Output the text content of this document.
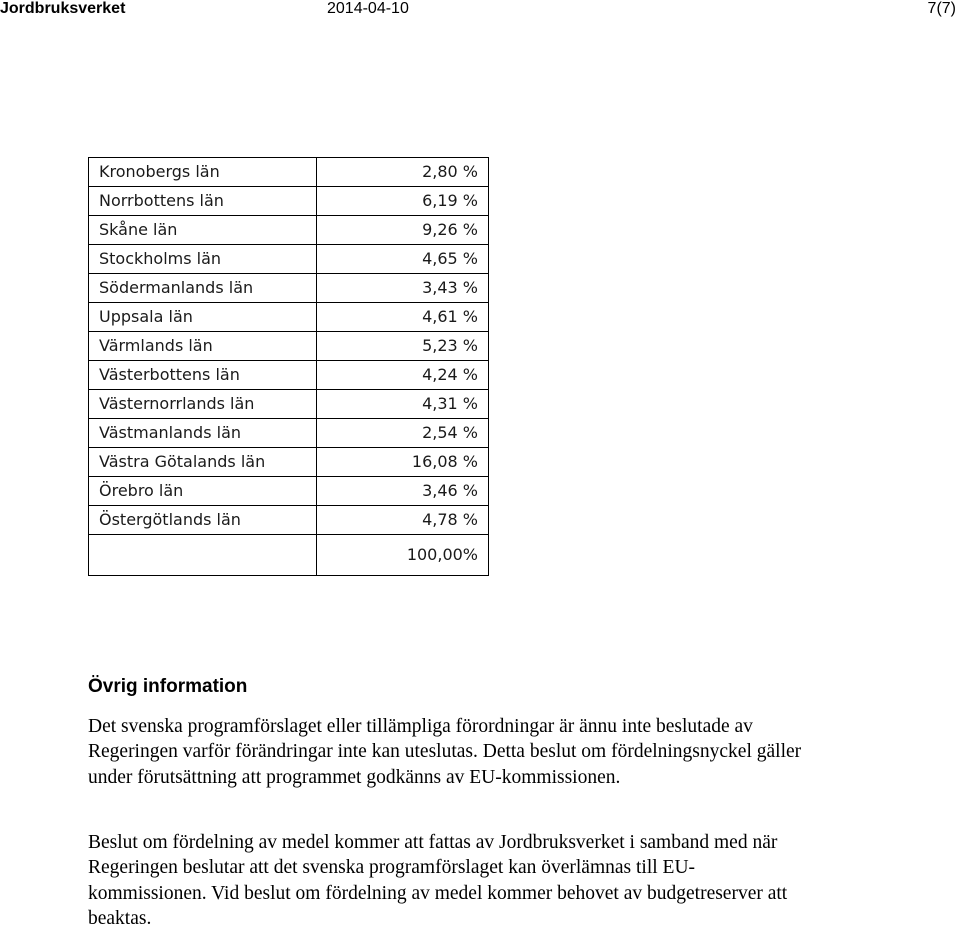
Jordbruksverket	2014-04-10	7(7)
Kronobergs län	2,80 %
Norrbottens län	6,19 %
Skåne län	9,26 %
Stockholms län	4,65 %
Södermanlands län	3,43 %
Uppsala län	4,61 %
Värmlands län	5,23 %
Västerbottens län	4,24 %
Västernorrlands län	4,31 %
Västmanlands län	2,54 %
Västra Götalands län	16,08 %
Örebro län	3,46 %
Östergötlands län	4,78 %
	100,00%
Övrig information

Det svenska programförslaget eller tillämpliga förordningar är ännu inte beslutade av Regeringen varför förändringar inte kan uteslutas. Detta beslut om fördelningsnyckel gäller under förutsättning att programmet godkänns av EU-kommissionen.

Beslut om fördelning av medel kommer att fattas av Jordbruksverket i samband med när Regeringen beslutar att det svenska programförslaget kan överlämnas till EU-kommissionen. Vid beslut om fördelning av medel kommer behovet av budgetreserver att beaktas.
